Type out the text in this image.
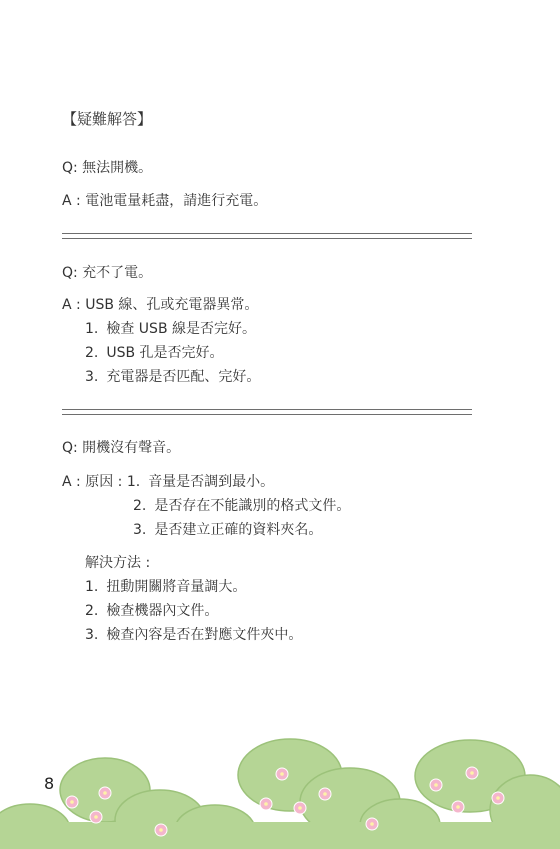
【疑難解答】
Q: 無法開機。
A : 電池電量耗盡，請進行充電。
Q: 充不了電。
A : USB 線、孔或充電器異常。
1. 檢查 USB 線是否完好。
2. USB 孔是否完好。
3. 充電器是否匹配、完好。
Q: 開機沒有聲音。
A : 原因 : 1. 音量是否調到最小。
2. 是否存在不能識別的格式文件。
3. 是否建立正確的資料夾名。
解決方法 :
1. 扭動開關將音量調大。
2. 檢查機器內文件。
3. 檢查內容是否在對應文件夾中。
8
